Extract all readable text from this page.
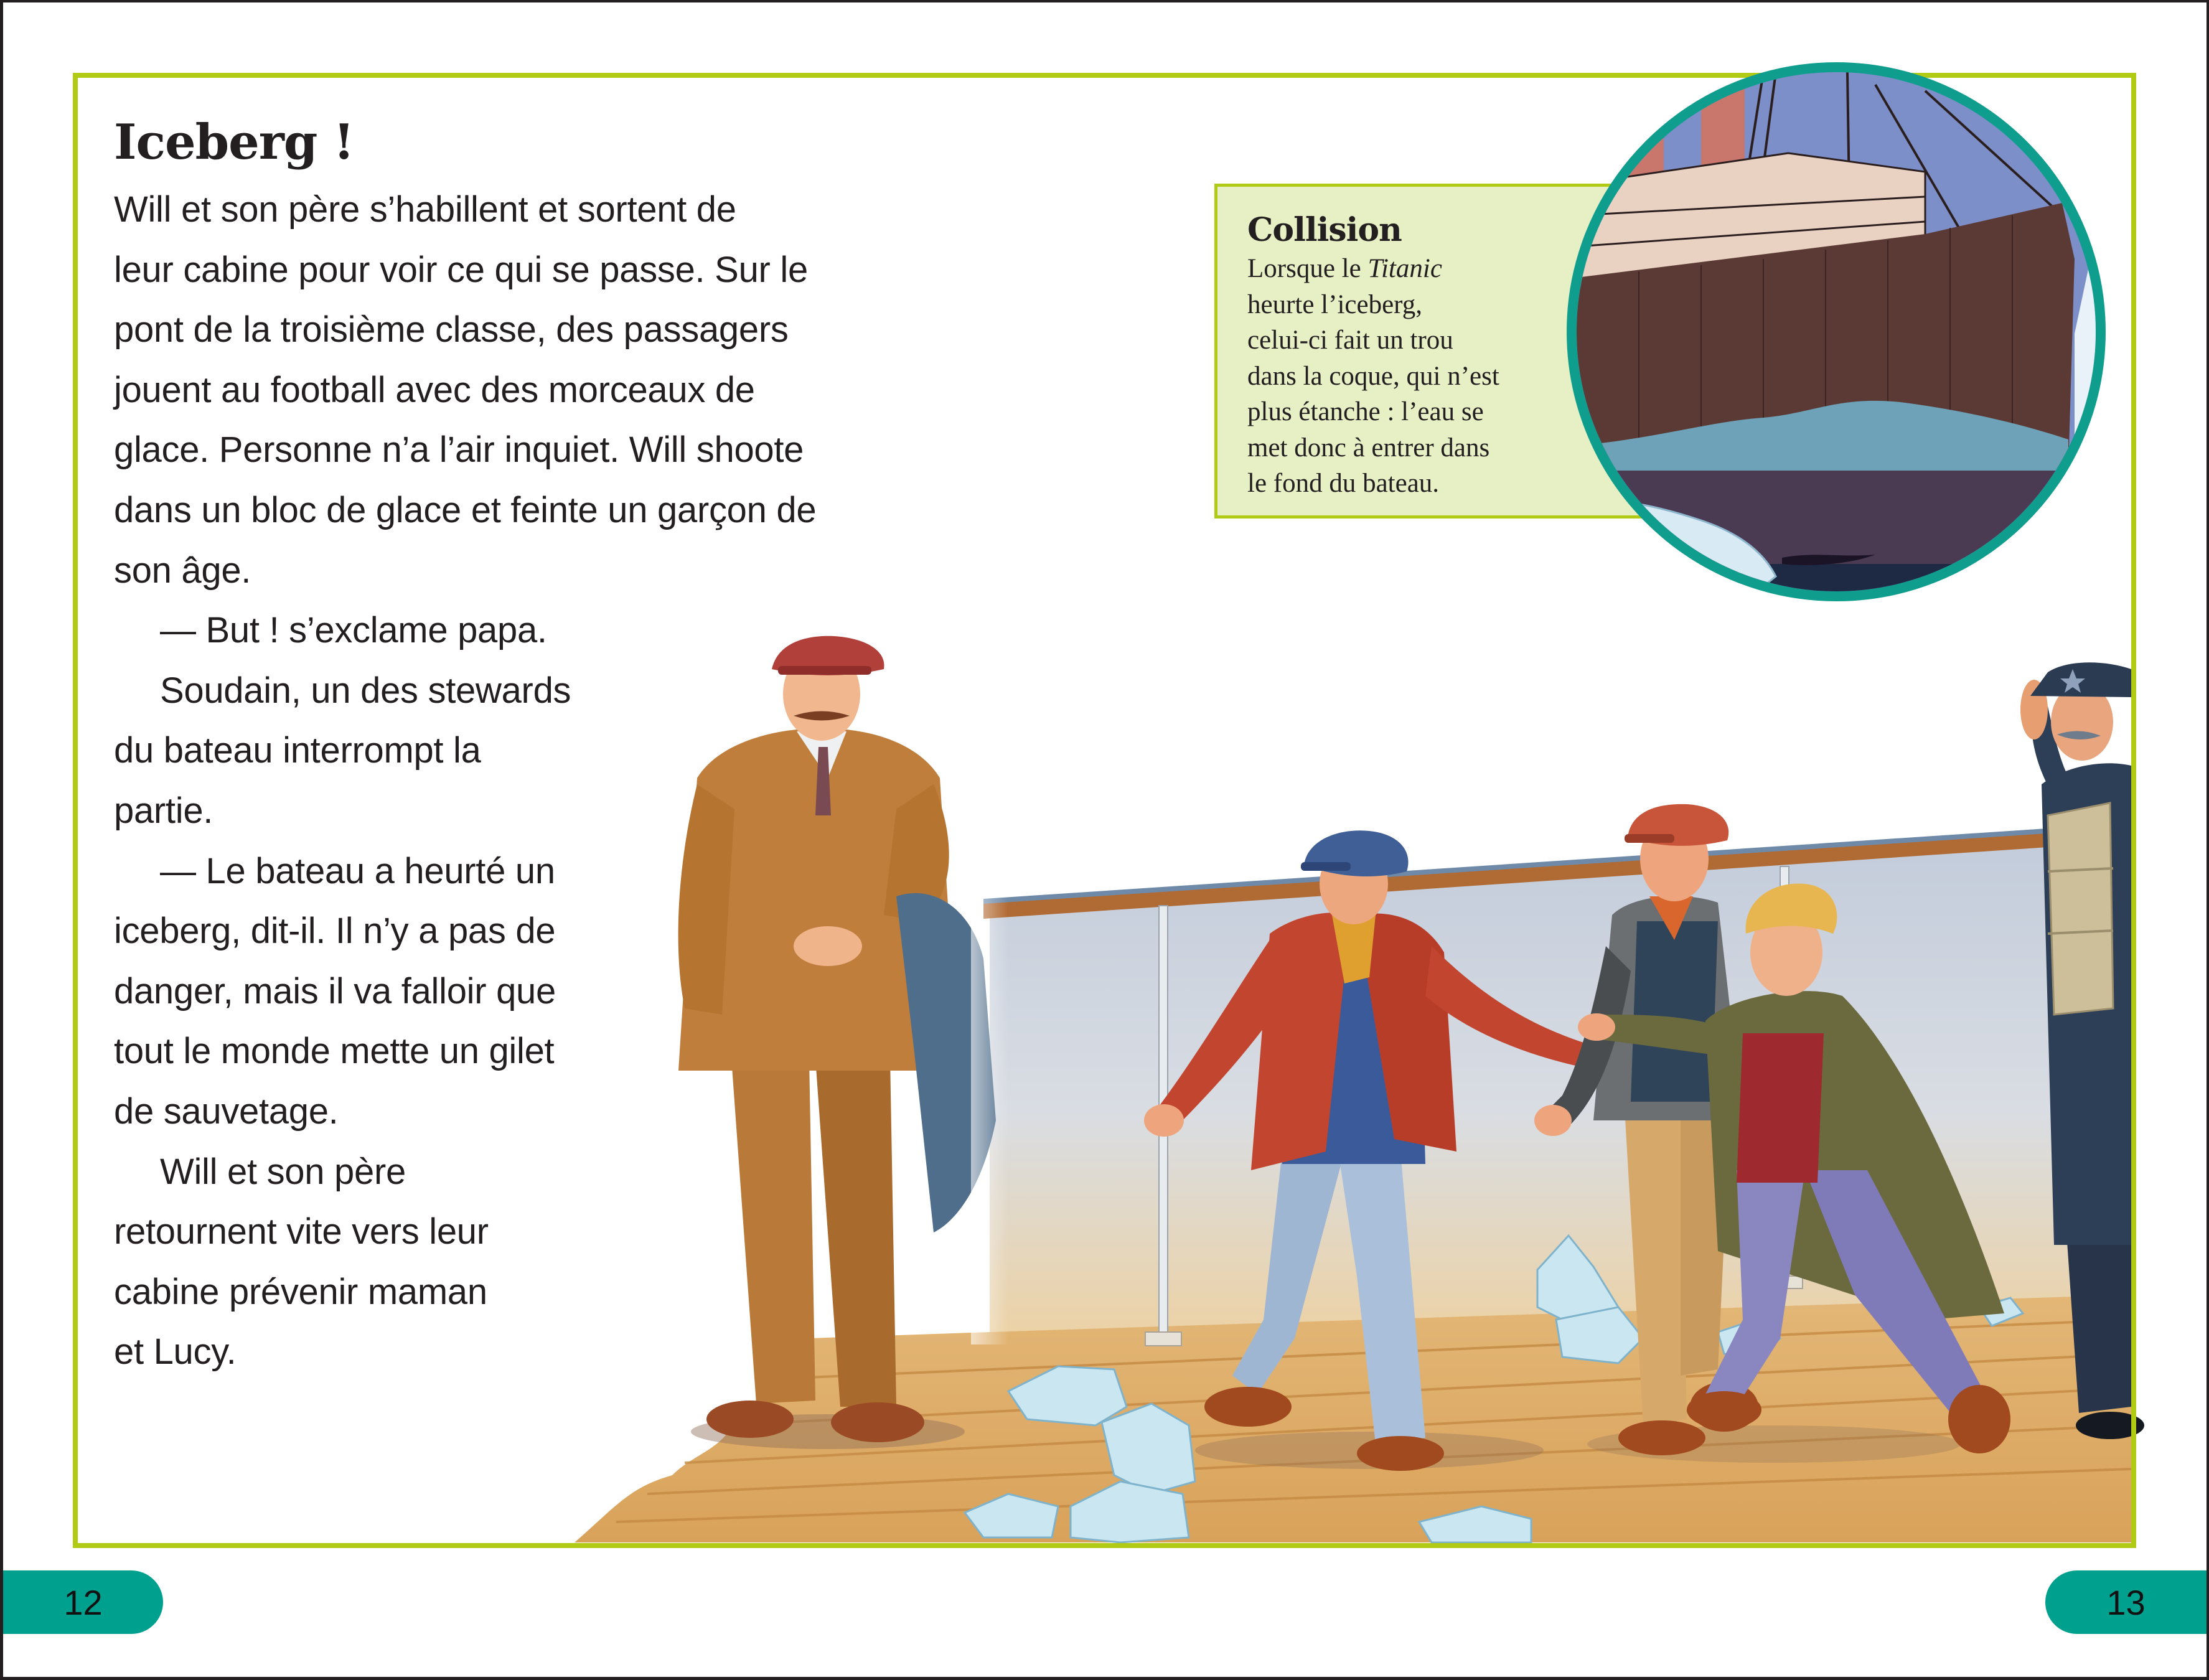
Iceberg !
Will et son père s’habillent et sortent de
leur cabine pour voir ce qui se passe. Sur le
pont de la troisième classe, des passagers
jouent au football avec des morceaux de
glace. Personne n’a l’air inquiet. Will shoote
dans un bloc de glace et feinte un garçon de
son âge.
— But ! s’exclame papa.
Soudain, un des stewards
du bateau interrompt la
partie.
— Le bateau a heurté un
iceberg, dit-il. Il n’y a pas de
danger, mais il va falloir que
tout le monde mette un gilet
de sauvetage.
Will et son père
retournent vite vers leur
cabine prévenir maman
et Lucy.
Collision
Lorsque le Titanic
heurte l’iceberg,
celui-ci fait un trou
dans la coque, qui n’est
plus étanche : l’eau se
met donc à entrer dans
le fond du bateau.
12	13
